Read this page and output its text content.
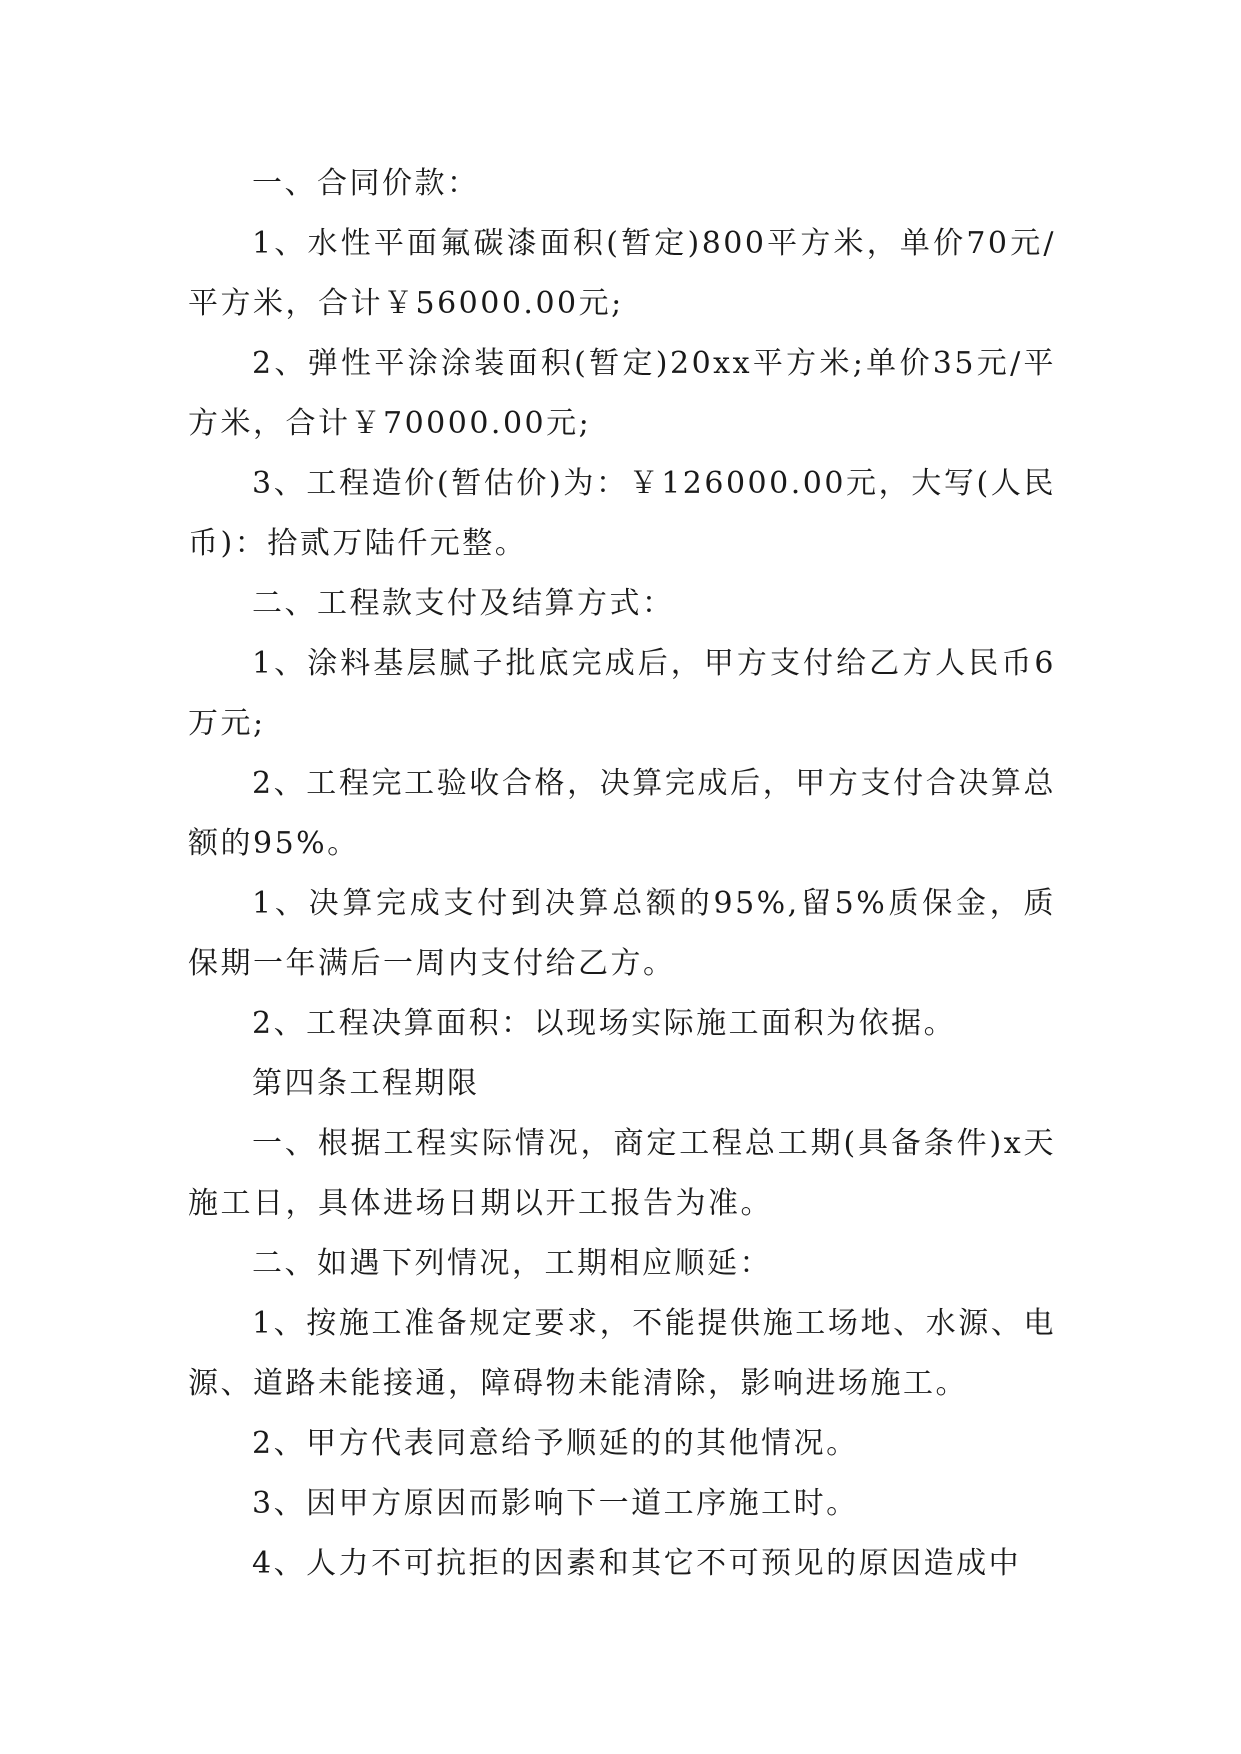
一、合同价款：

1、水性平面氟碳漆面积(暂定)800平方米，单价70元/平方米，合计￥56000.00元;

2、弹性平涂涂装面积(暂定)20xx平方米;单价35元/平方米，合计￥70000.00元;

3、工程造价(暂估价)为：￥126000.00元，大写(人民币)：拾贰万陆仟元整。

二、工程款支付及结算方式：

1、涂料基层腻子批底完成后，甲方支付给乙方人民币6万元;

2、工程完工验收合格，决算完成后，甲方支付合决算总额的95%。

1、决算完成支付到决算总额的95%,留5%质保金，质保期一年满后一周内支付给乙方。

2、工程决算面积：以现场实际施工面积为依据。

第四条工程期限

一、根据工程实际情况，商定工程总工期(具备条件)x天施工日，具体进场日期以开工报告为准。

二、如遇下列情况，工期相应顺延：

1、按施工准备规定要求，不能提供施工场地、水源、电源、道路未能接通，障碍物未能清除，影响进场施工。

2、甲方代表同意给予顺延的的其他情况。

3、因甲方原因而影响下一道工序施工时。

4、人力不可抗拒的因素和其它不可预见的原因造成中
